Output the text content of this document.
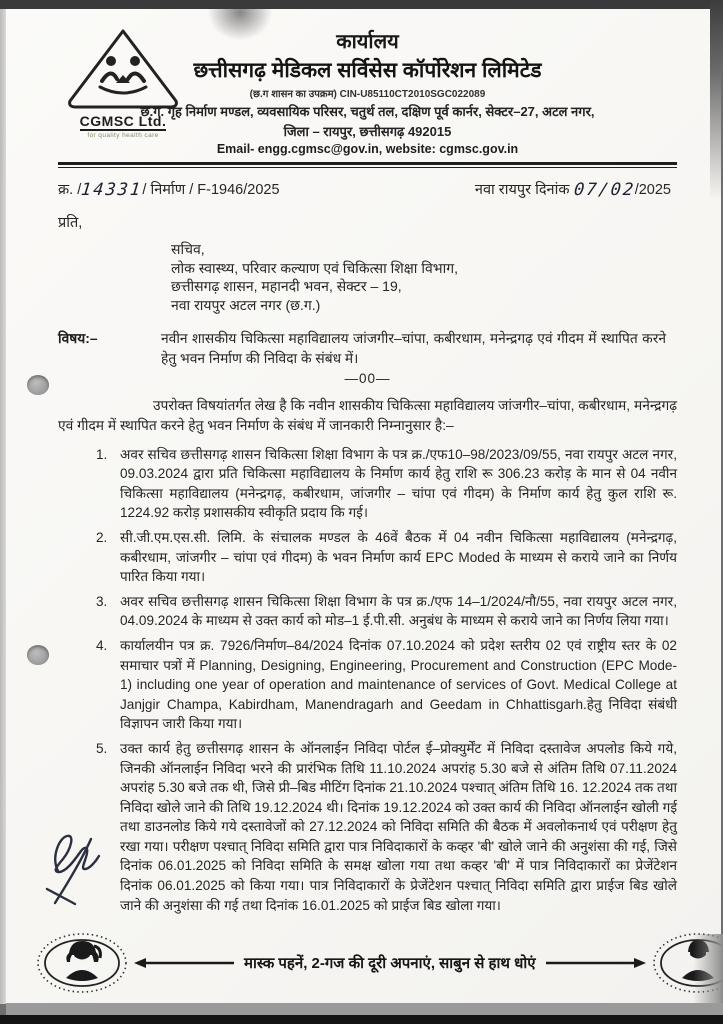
CGMSC Ltd.
for quality health care
कार्यालय
छत्तीसगढ़ मेडिकल सर्विसेस कॉर्पोरेशन लिमिटेड
(छ.ग शासन का उपक्रम) CIN-U85110CT2010SGC022089
छ.ग. गृह निर्माण मण्डल, व्यवसायिक परिसर, चतुर्थ तल, दक्षिण पूर्व कार्नर, सेक्टर–27, अटल नगर,
जिला – रायपुर, छत्तीसगढ़ 492015
Email- engg.cgmsc@gov.in, website: cgmsc.gov.in
क्र. /14331/ निर्माण / F-1946/2025	नवा रायपुर दिनांक 07/02/2025
प्रति,
सचिव,
लोक स्वास्थ्य, परिवार कल्याण एवं चिकित्सा शिक्षा विभाग,
छत्तीसगढ़ शासन, महानदी भवन, सेक्टर – 19,
नवा रायपुर अटल नगर (छ.ग.)
विषय:–	नवीन शासकीय चिकित्सा महाविद्यालय जांजगीर–चांपा, कबीरधाम, मनेन्द्रगढ़ एवं गीदम में स्थापित करने हेतु भवन निर्माण की निविदा के संबंध में।
—00—
उपरोक्त विषयांतर्गत लेख है कि नवीन शासकीय चिकित्सा महाविद्यालय जांजगीर–चांपा, कबीरधाम, मनेन्द्रगढ़ एवं गीदम में स्थापित करने हेतु भवन निर्माण के संबंध में जानकारी निम्नानुसार है:–
1. अवर सचिव छत्तीसगढ़ शासन चिकित्सा शिक्षा विभाग के पत्र क्र./एफ10–98/2023/09/55, नवा रायपुर अटल नगर, 09.03.2024 द्वारा प्रति चिकित्सा महाविद्यालय के निर्माण कार्य हेतु राशि रू 306.23 करोड़ के मान से 04 नवीन चिकित्सा महाविद्यालय (मनेन्द्रगढ़, कबीरधाम, जांजगीर – चांपा एवं गीदम) के निर्माण कार्य हेतु कुल राशि रू. 1224.92 करोड़ प्रशासकीय स्वीकृति प्रदाय कि गई।
2. सी.जी.एम.एस.सी. लिमि. के संचालक मण्डल के 46वें बैठक में 04 नवीन चिकित्सा महाविद्यालय (मनेन्द्रगढ़, कबीरधाम, जांजगीर – चांपा एवं गीदम) के भवन निर्माण कार्य EPC Moded के माध्यम से कराये जाने का निर्णय पारित किया गया।
3. अवर सचिव छत्तीसगढ़ शासन चिकित्सा शिक्षा विभाग के पत्र क्र./एफ 14–1/2024/नौ/55, नवा रायपुर अटल नगर, 04.09.2024 के माध्यम से उक्त कार्य को मोड–1 ई.पी.सी. अनुबंध के माध्यम से कराये जाने का निर्णय लिया गया।
4. कार्यालयीन पत्र क्र. 7926/निर्माण–84/2024 दिनांक 07.10.2024 को प्रदेश स्तरीय 02 एवं राष्ट्रीय स्तर के 02 समाचार पत्रों में Planning, Designing, Engineering, Procurement and Construction (EPC Mode-1) including one year of operation and maintenance of services of Govt. Medical College at Janjgir Champa, Kabirdham, Manendragarh and Geedam in Chhattisgarh.हेतु निविदा संबंधी विज्ञापन जारी किया गया।
5. उक्त कार्य हेतु छत्तीसगढ़ शासन के ऑनलाईन निविदा पोर्टल ई–प्रोक्युर्मेंट में निविदा दस्तावेज अपलोड किये गये, जिनकी ऑनलाईन निविदा भरने की प्रारंभिक तिथि 11.10.2024 अपरांह 5.30 बजे से अंतिम तिथि 07.11.2024 अपरांह 5.30 बजे तक थी, जिसे प्री–बिड मीटिंग दिनांक 21.10.2024 पश्चात् अंतिम तिथि 16. 12.2024 तक तथा निविदा खोले जाने की तिथि 19.12.2024 थी। दिनांक 19.12.2024 को उक्त कार्य की निविदा ऑनलाईन खोली गई तथा डाउनलोड किये गये दस्तावेजों को 27.12.2024 को निविदा समिति की बैठक में अवलोकनार्थ एवं परीक्षण हेतु रखा गया। परीक्षण पश्चात् निविदा समिति द्वारा पात्र निविदाकारों के कव्हर 'बी' खोले जाने की अनुशंसा की गई, जिसे दिनांक 06.01.2025 को निविदा समिति के समक्ष खोला गया तथा कव्हर 'बी' में पात्र निविदाकारों का प्रेजेंटेशन दिनांक 06.01.2025 को किया गया। पात्र निविदाकारों के प्रेजेंटेशन पश्चात् निविदा समिति द्वारा प्राईज बिड खोले जाने की अनुशंसा की गई तथा दिनांक 16.01.2025 को प्राईज बिड खोला गया।
मास्क पहनें, 2-गज की दूरी अपनाएं, साबुन से हाथ धोएं
